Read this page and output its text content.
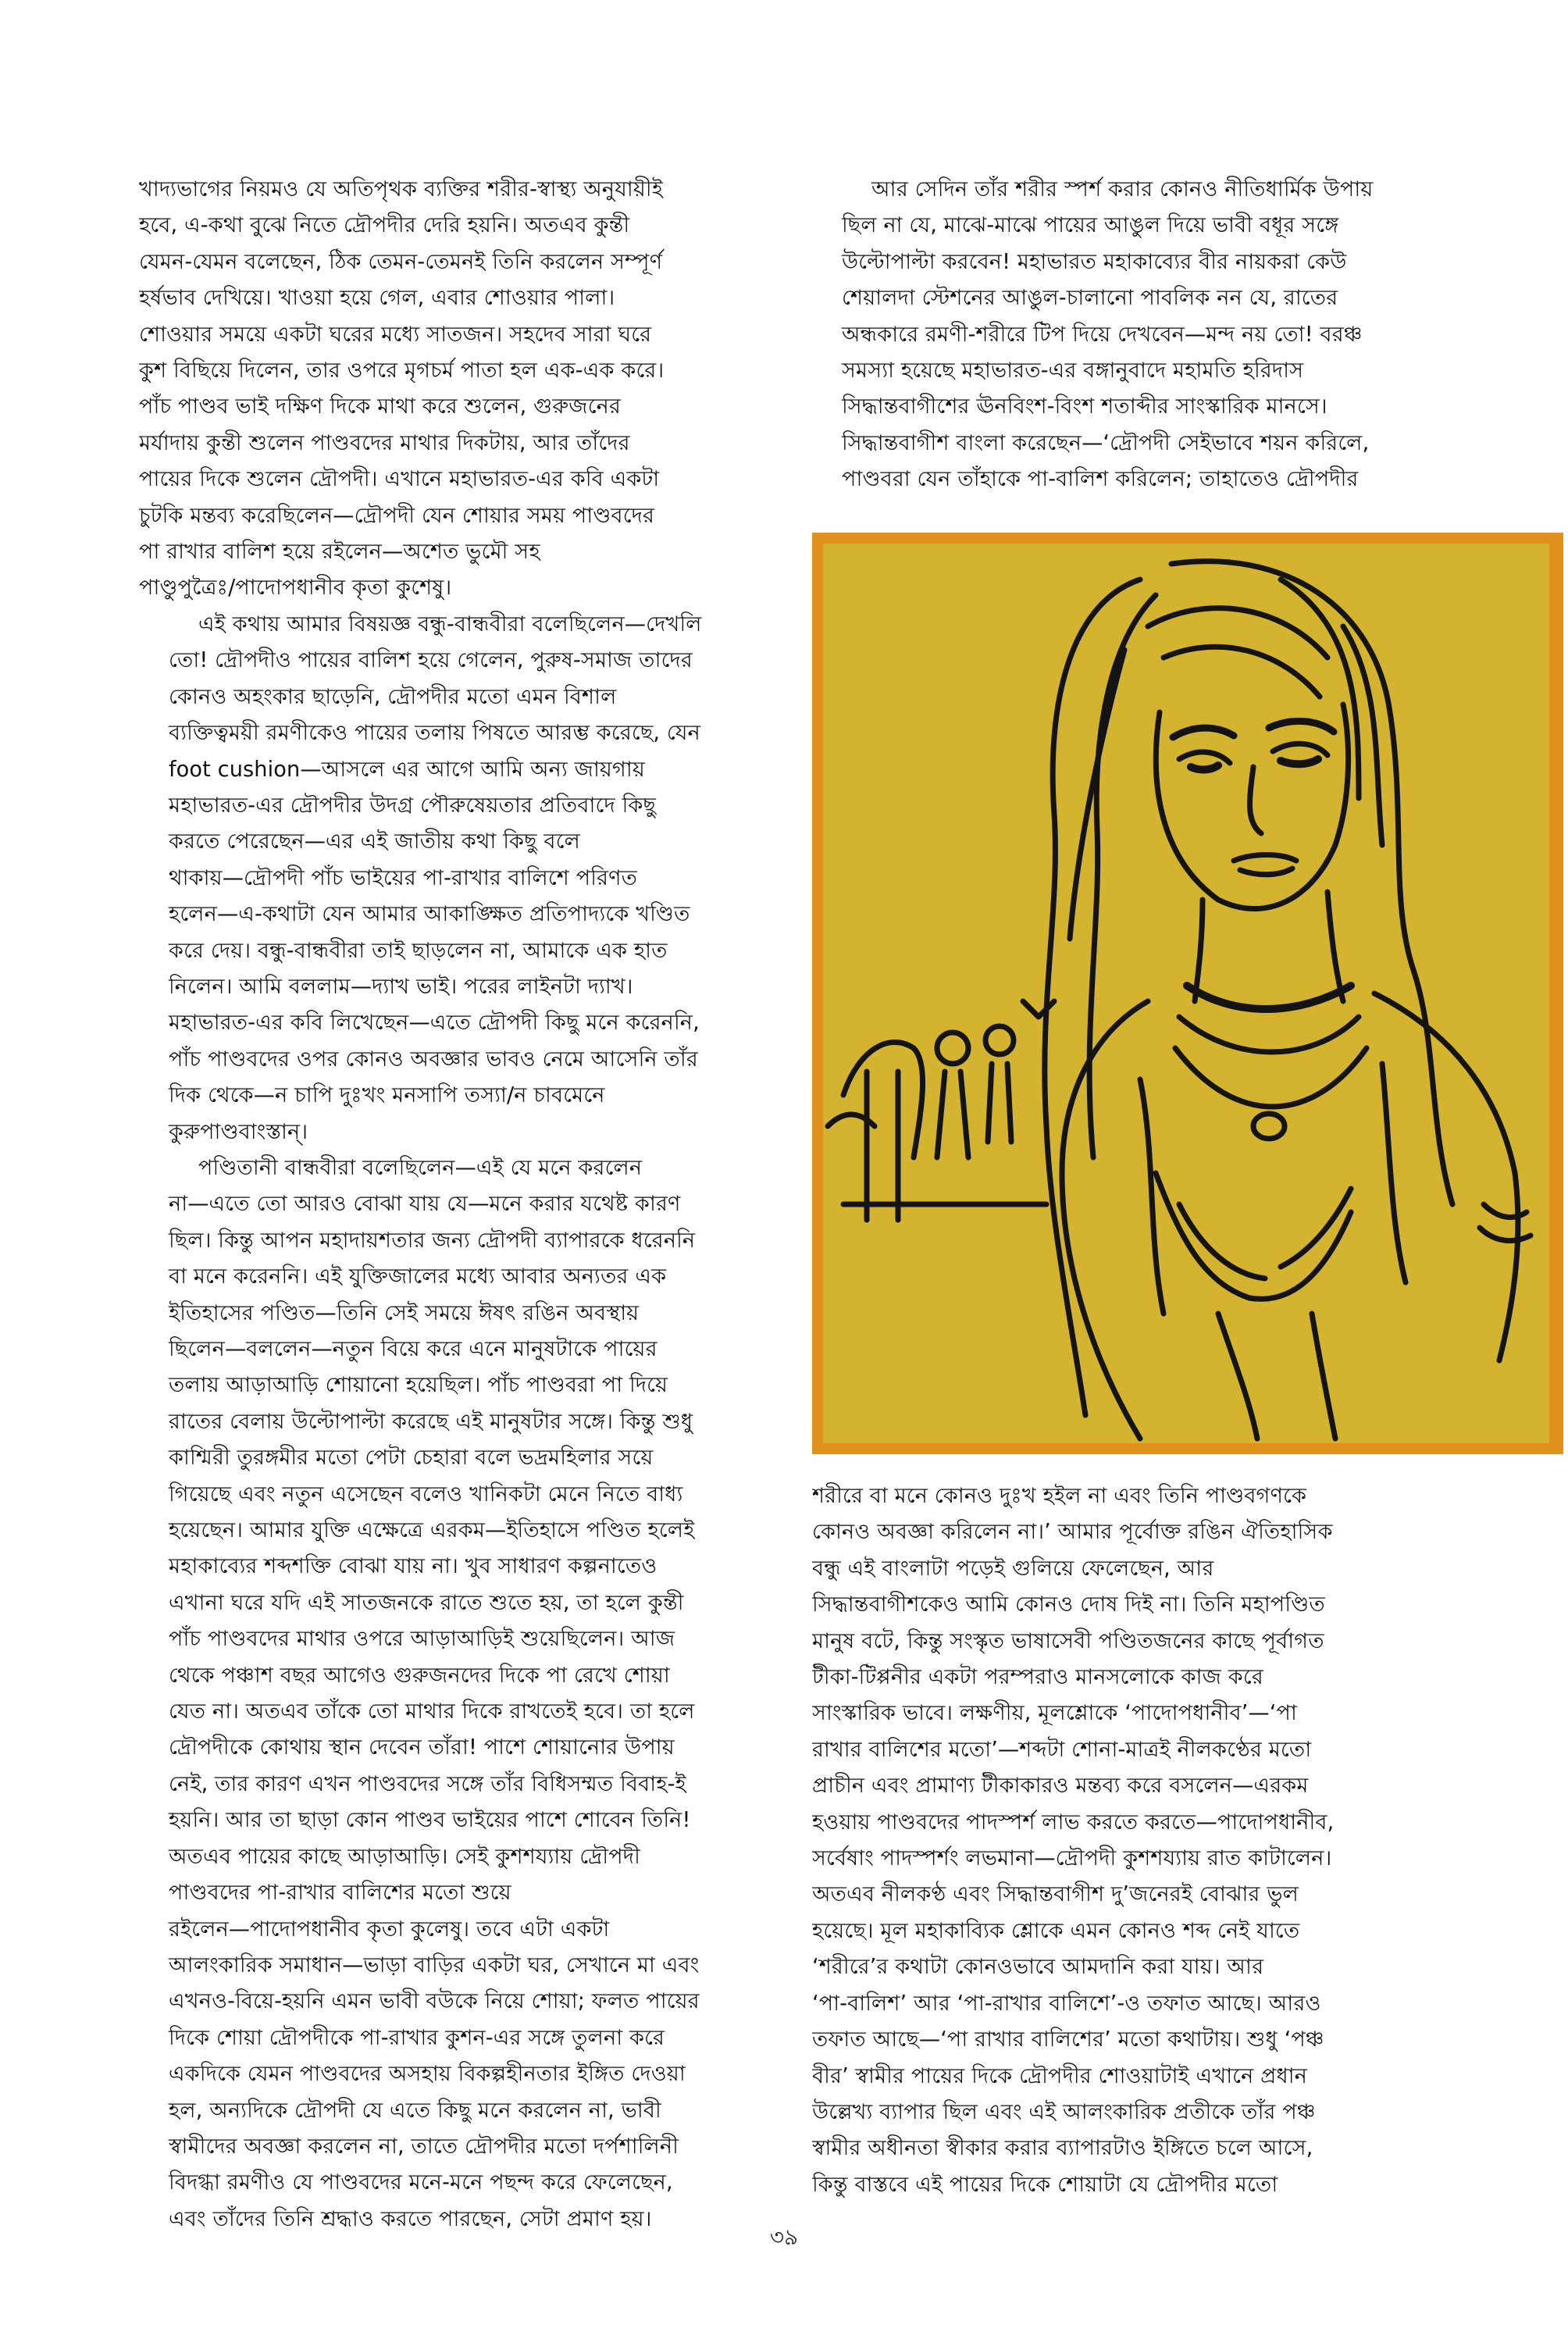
খাদ্যভাগের নিয়মও যে অতিপৃথক ব্যক্তির শরীর-স্বাস্থ্য অনুযায়ীই
হবে, এ-কথা বুঝে নিতে দ্রৌপদীর দেরি হয়নি। অতএব কুন্তী
যেমন-যেমন বলেছেন, ঠিক তেমন-তেমনই তিনি করলেন সম্পূর্ণ
হর্ষভাব দেখিয়ে। খাওয়া হয়ে গেল, এবার শোওয়ার পালা।
শোওয়ার সময়ে একটা ঘরের মধ্যে সাতজন। সহদেব সারা ঘরে
কুশ বিছিয়ে দিলেন, তার ওপরে মৃগচর্ম পাতা হল এক-এক করে।
পাঁচ পাণ্ডব ভাই দক্ষিণ দিকে মাথা করে শুলেন, গুরুজনের
মর্যাদায় কুন্তী শুলেন পাণ্ডবদের মাথার দিকটায়, আর তাঁদের
পায়ের দিকে শুলেন দ্রৌপদী। এখানে মহাভারত-এর কবি একটা
চুটকি মন্তব্য করেছিলেন—দ্রৌপদী যেন শোয়ার সময় পাণ্ডবদের
পা রাখার বালিশ হয়ে রইলেন—অশেত ভুমৌ সহ
পাণ্ডুপুত্রৈঃ/পাদোপধানীব কৃতা কুশেষু।

এই কথায় আমার বিষয়জ্ঞ বন্ধু-বান্ধবীরা বলেছিলেন—দেখলি
তো! দ্রৌপদীও পায়ের বালিশ হয়ে গেলেন, পুরুষ-সমাজ তাদের
কোনও অহংকার ছাড়েনি, দ্রৌপদীর মতো এমন বিশাল
ব্যক্তিত্বময়ী রমণীকেও পায়ের তলায় পিষতে আরম্ভ করেছে, যেন
foot cushion—আসলে এর আগে আমি অন্য জায়গায়
মহাভারত-এর দ্রৌপদীর উদগ্র পৌরুষেয়তার প্রতিবাদে কিছু
করতে পেরেছেন—এর এই জাতীয় কথা কিছু বলে
থাকায়—দ্রৌপদী পাঁচ ভাইয়ের পা-রাখার বালিশে পরিণত
হলেন—এ-কথাটা যেন আমার আকাঙ্ক্ষিত প্রতিপাদ্যকে খণ্ডিত
করে দেয়। বন্ধু-বান্ধবীরা তাই ছাড়লেন না, আমাকে এক হাত
নিলেন। আমি বললাম—দ্যাখ ভাই। পরের লাইনটা দ্যাখ।
মহাভারত-এর কবি লিখেছেন—এতে দ্রৌপদী কিছু মনে করেননি,
পাঁচ পাণ্ডবদের ওপর কোনও অবজ্ঞার ভাবও নেমে আসেনি তাঁর
দিক থেকে—ন চাপি দুঃখং মনসাপি তস্যা/ন চাবমেনে
কুরুপাণ্ডবাংস্তান্।

পণ্ডিতানী বান্ধবীরা বলেছিলেন—এই যে মনে করলেন
না—এতে তো আরও বোঝা যায় যে—মনে করার যথেষ্ট কারণ
ছিল। কিন্তু আপন মহাদায়শতার জন্য দ্রৌপদী ব্যাপারকে ধরেননি
বা মনে করেননি। এই যুক্তিজালের মধ্যে আবার অন্যতর এক
ইতিহাসের পণ্ডিত—তিনি সেই সময়ে ঈষৎ রঙিন অবস্থায়
ছিলেন—বললেন—নতুন বিয়ে করে এনে মানুষটাকে পায়ের
তলায় আড়াআড়ি শোয়ানো হয়েছিল। পাঁচ পাণ্ডবরা পা দিয়ে
রাতের বেলায় উল্টোপাল্টা করেছে এই মানুষটার সঙ্গে। কিন্তু শুধু
কাশ্মিরী তুরঙ্গমীর মতো পেটা চেহারা বলে ভদ্রমহিলার সয়ে
গিয়েছে এবং নতুন এসেছেন বলেও খানিকটা মেনে নিতে বাধ্য
হয়েছেন। আমার যুক্তি এক্ষেত্রে এরকম—ইতিহাসে পণ্ডিত হলেই
মহাকাব্যের শব্দশক্তি বোঝা যায় না। খুব সাধারণ কল্পনাতেও
এখানা ঘরে যদি এই সাতজনকে রাতে শুতে হয়, তা হলে কুন্তী
পাঁচ পাণ্ডবদের মাথার ওপরে আড়াআড়িই শুয়েছিলেন। আজ
থেকে পঞ্চাশ বছর আগেও গুরুজনদের দিকে পা রেখে শোয়া
যেত না। অতএব তাঁকে তো মাথার দিকে রাখতেই হবে। তা হলে
দ্রৌপদীকে কোথায় স্থান দেবেন তাঁরা! পাশে শোয়ানোর উপায়
নেই, তার কারণ এখন পাণ্ডবদের সঙ্গে তাঁর বিধিসম্মত বিবাহ-ই
হয়নি। আর তা ছাড়া কোন পাণ্ডব ভাইয়ের পাশে শোবেন তিনি!
অতএব পায়ের কাছে আড়াআড়ি। সেই কুশশয্যায় দ্রৌপদী
পাণ্ডবদের পা-রাখার বালিশের মতো শুয়ে
রইলেন—পাদোপধানীব কৃতা কুলেষু। তবে এটা একটা
আলংকারিক সমাধান—ভাড়া বাড়ির একটা ঘর, সেখানে মা এবং
এখনও-বিয়ে-হয়নি এমন ভাবী বউকে নিয়ে শোয়া; ফলত পায়ের
দিকে শোয়া দ্রৌপদীকে পা-রাখার কুশন-এর সঙ্গে তুলনা করে
একদিকে যেমন পাণ্ডবদের অসহায় বিকল্পহীনতার ইঙ্গিত দেওয়া
হল, অন্যদিকে দ্রৌপদী যে এতে কিছু মনে করলেন না, ভাবী
স্বামীদের অবজ্ঞা করলেন না, তাতে দ্রৌপদীর মতো দর্পশালিনী
বিদগ্ধা রমণীও যে পাণ্ডবদের মনে-মনে পছন্দ করে ফেলেছেন,
এবং তাঁদের তিনি শ্রদ্ধাও করতে পারছেন, সেটা প্রমাণ হয়।

আর সেদিন তাঁর শরীর স্পর্শ করার কোনও নীতিধার্মিক উপায়
ছিল না যে, মাঝে-মাঝে পায়ের আঙুল দিয়ে ভাবী বধূর সঙ্গে
উল্টোপাল্টা করবেন! মহাভারত মহাকাব্যের বীর নায়করা কেউ
শেয়ালদা স্টেশনের আঙুল-চালানো পাবলিক নন যে, রাতের
অন্ধকারে রমণী-শরীরে টিপ দিয়ে দেখবেন—মন্দ নয় তো! বরঞ্চ
সমস্যা হয়েছে মহাভারত-এর বঙ্গানুবাদে মহামতি হরিদাস
সিদ্ধান্তবাগীশের ঊনবিংশ-বিংশ শতাব্দীর সাংস্কারিক মানসে।
সিদ্ধান্তবাগীশ বাংলা করেছেন—‘দ্রৌপদী সেইভাবে শয়ন করিলে,
পাণ্ডবরা যেন তাঁহাকে পা-বালিশ করিলেন; তাহাতেও দ্রৌপদীর

শরীরে বা মনে কোনও দুঃখ হইল না এবং তিনি পাণ্ডবগণকে
কোনও অবজ্ঞা করিলেন না।’ আমার পূর্বোক্ত রঙিন ঐতিহাসিক
বন্ধু এই বাংলাটা পড়েই গুলিয়ে ফেলেছেন, আর
সিদ্ধান্তবাগীশকেও আমি কোনও দোষ দিই না। তিনি মহাপণ্ডিত
মানুষ বটে, কিন্তু সংস্কৃত ভাষাসেবী পণ্ডিতজনের কাছে পূর্বাগত
টীকা-টিপ্পনীর একটা পরম্পরাও মানসলোকে কাজ করে
সাংস্কারিক ভাবে। লক্ষণীয়, মূলশ্লোকে ‘পাদোপধানীব’—‘পা
রাখার বালিশের মতো’—শব্দটা শোনা-মাত্রই নীলকণ্ঠের মতো
প্রাচীন এবং প্রামাণ্য টীকাকারও মন্তব্য করে বসলেন—এরকম
হওয়ায় পাণ্ডবদের পাদস্পর্শ লাভ করতে করতে—পাদোপধানীব,
সর্বেষাং পাদস্পর্শং লভমানা—দ্রৌপদী কুশশয্যায় রাত কাটালেন।
অতএব নীলকণ্ঠ এবং সিদ্ধান্তবাগীশ দু’জনেরই বোঝার ভুল
হয়েছে। মূল মহাকাব্যিক শ্লোকে এমন কোনও শব্দ নেই যাতে
‘শরীরে’র কথাটা কোনওভাবে আমদানি করা যায়। আর
‘পা-বালিশ’ আর ‘পা-রাখার বালিশে’-ও তফাত আছে। আরও
তফাত আছে—‘পা রাখার বালিশের’ মতো কথাটায়। শুধু ‘পঞ্চ
বীর’ স্বামীর পায়ের দিকে দ্রৌপদীর শোওয়াটাই এখানে প্রধান
উল্লেখ্য ব্যাপার ছিল এবং এই আলংকারিক প্রতীকে তাঁর পঞ্চ
স্বামীর অধীনতা স্বীকার করার ব্যাপারটাও ইঙ্গিতে চলে আসে,
কিন্তু বাস্তবে এই পায়ের দিকে শোয়াটা যে দ্রৌপদীর মতো

৩৯
